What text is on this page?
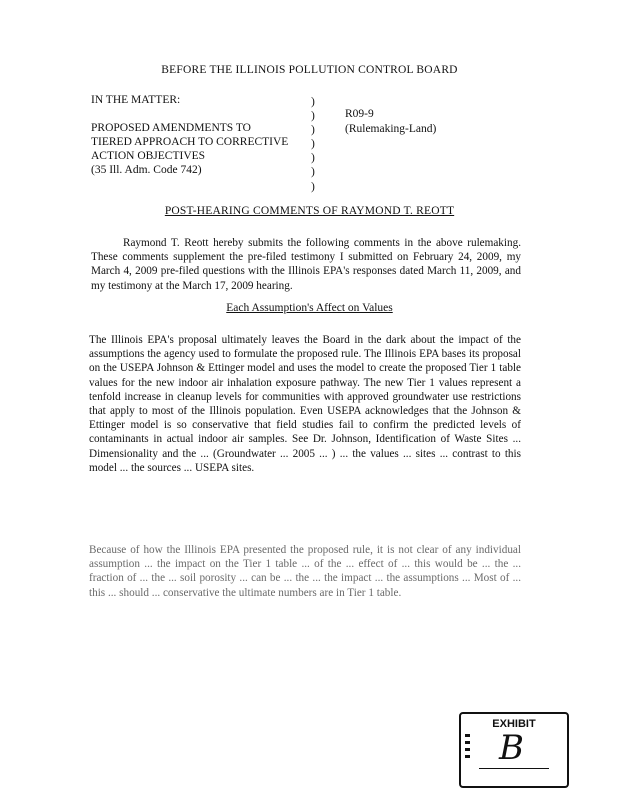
BEFORE THE ILLINOIS POLLUTION CONTROL BOARD
IN THE MATTER:

PROPOSED AMENDMENTS TO
TIERED APPROACH TO CORRECTIVE
ACTION OBJECTIVES
(35 Ill. Adm. Code 742)
)
)
)
)
)
)
)
R09-9
(Rulemaking-Land)
POST-HEARING COMMENTS OF RAYMOND T. REOTT
Raymond T. Reott hereby submits the following comments in the above rulemaking. These comments supplement the pre-filed testimony I submitted on February 24, 2009, my March 4, 2009 pre-filed questions with the Illinois EPA's responses dated March 11, 2009, and my testimony at the March 17, 2009 hearing.
Each Assumption's Affect on Values
The Illinois EPA's proposal ultimately leaves the Board in the dark about the impact of the assumptions the agency used to formulate the proposed rule. The Illinois EPA bases its proposal on the USEPA Johnson & Ettinger model and uses the model to create the proposed Tier 1 table values for the new indoor air inhalation exposure pathway. The new Tier 1 values represent a tenfold increase in cleanup levels for communities with approved groundwater use restrictions that apply to most of the Illinois population. Even USEPA acknowledges that the Johnson & Ettinger model is so conservative that field studies fail to confirm the predicted levels of contaminants in actual indoor air samples. See Dr. Johnson, Identification of Waste Sites ... Dimensionality and the ... (Groundwater ... 2005 ... ) ... the values ... sites ... contrast to this model ... the sources ... USEPA sites.
Because of how the Illinois EPA presented the proposed rule, it is not clear of any individual assumption ... the impact on the Tier 1 table ... of the ... effect of ... this would be ... the ... fraction of ... the ... soil porosity ... can be ... the ... the impact ... the assumptions ... Most of ... this ... should ... conservative the ultimate numbers are in Tier 1 table.
EXHIBIT
B
